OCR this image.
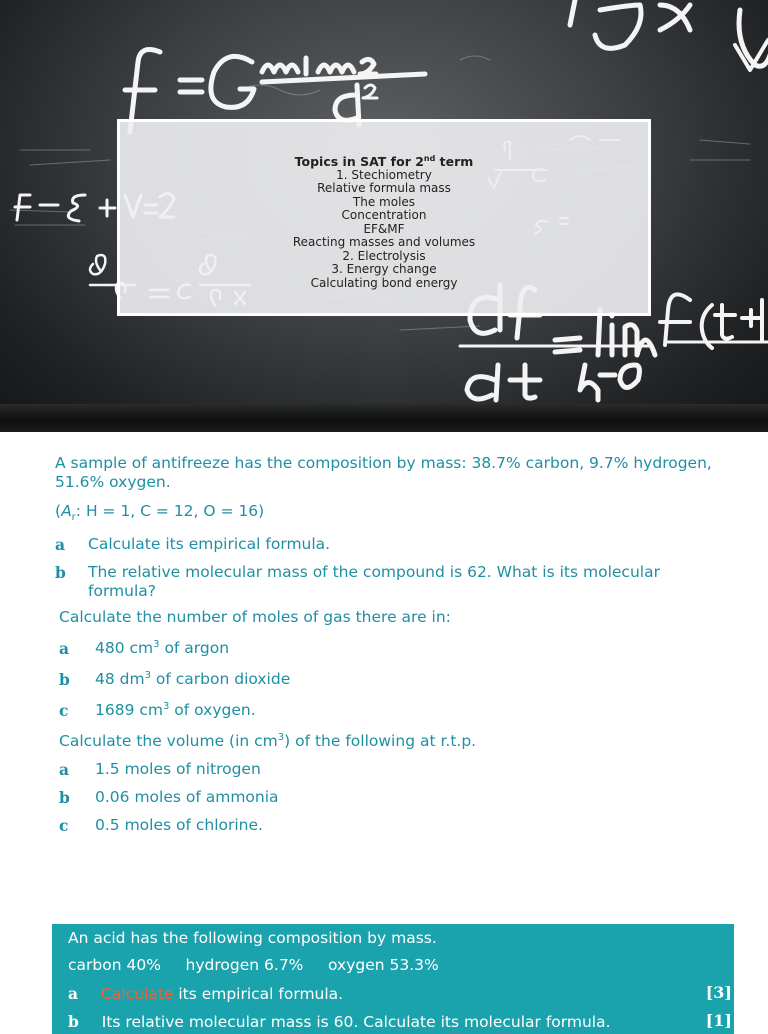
Topics in SAT for 2nd term
1. Stechiometry
Relative formula mass
The moles
Concentration
EF&MF
Reacting masses and volumes
2. Electrolysis
3. Energy change
Calculating bond energy
A sample of antifreeze has the composition by mass: 38.7% carbon, 9.7% hydrogen, 51.6% oxygen.
($A_r$: H = 1, C = 12, O = 16)
a Calculate its empirical formula.
b The relative molecular mass of the compound is 62. What is its molecular formula?
Calculate the number of moles of gas there are in:
a 480 $cm^3$ of argon
b 48 $dm^3$ of carbon dioxide
c 1689 $cm^3$ of oxygen.
Calculate the volume (in $cm^3$) of the following at r.t.p.
a 1.5 moles of nitrogen
b 0.06 moles of ammonia
c 0.5 moles of chlorine.
An acid has the following composition by mass.
carbon 40%     hydrogen 6.7%     oxygen 53.3%
a Calculate its empirical formula.	[3]
b Its relative molecular mass is 60. Calculate its molecular formula.	[1]
